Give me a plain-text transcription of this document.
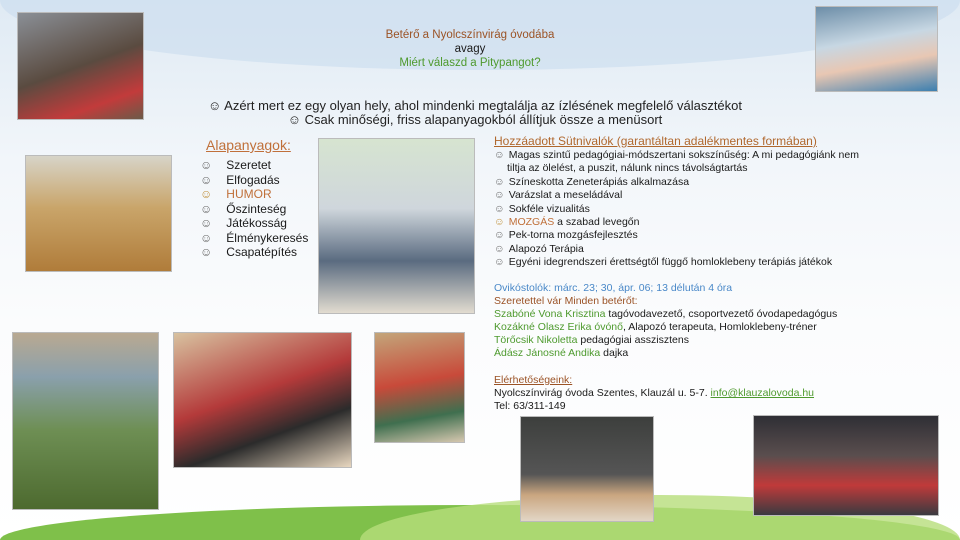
Betérő a Nyolcszínvirág óvodába
avagy
Miért válaszd a Pitypangot?
☺ Azért mert ez egy olyan hely, ahol mindenki megtalálja az ízlésének megfelelő választékot
☺ Csak minőségi, friss alapanyagokból állítjuk össze a menüsort
Alapanyagok:
☺ Szeretet
☺ Elfogadás
☺ HUMOR
☺ Őszinteség
☺ Játékosság
☺ Élménykeresés
☺ Csapatépítés
Hozzáadott Sütnivalók (garantáltan adalékmentes formában)
☺ Magas szintű pedagógiai-módszertani sokszínűség: A mi pedagógiánk nem
tiltja az ölelést, a puszit, nálunk nincs távolságtartás
☺ Színeskotta Zeneterápiás alkalmazása
☺ Varázslat a meseládával
☺ Sokféle vizualitás
☺ MOZGÁS a szabad levegőn
☺ Pek-torna mozgásfejlesztés
☺ Alapozó Terápia
☺ Egyéni idegrendszeri érettségtől függő homloklebeny terápiás játékok
Ovikóstolók: márc. 23; 30, ápr. 06; 13 délután 4 óra
Szeretettel vár Minden betérőt:
Szabóné Vona Krisztina tagóvodavezető, csoportvezető óvodapedagógus
Kozákné Olasz Erika óvónő, Alapozó terapeuta, Homloklebeny-tréner
Törőcsik Nikoletta pedagógiai asszisztens
Ádász Jánosné Andika dajka
Elérhetőségeink:
Nyolcszínvirág óvoda Szentes, Klauzál u. 5-7. info@klauzalovoda.hu
Tel: 63/311-149
